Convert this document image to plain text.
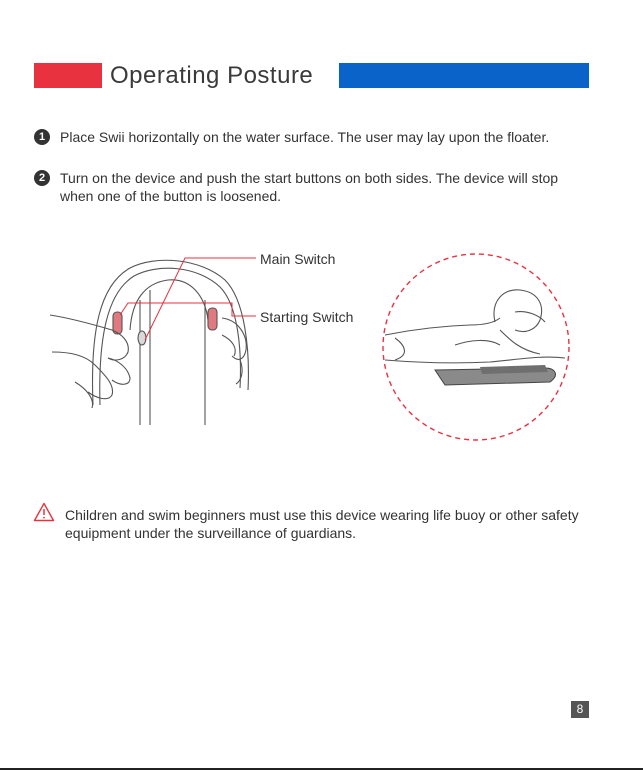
Operating Posture
1	Place Swii horizontally on the water surface. The user may lay upon the floater.
2	Turn on the device and push the start buttons on both sides. The device will stop when one of the button is loosened.
Main Switch
Starting Switch
Children and swim beginners must use this device wearing life buoy or other safety equipment under the surveillance of guardians.
8
